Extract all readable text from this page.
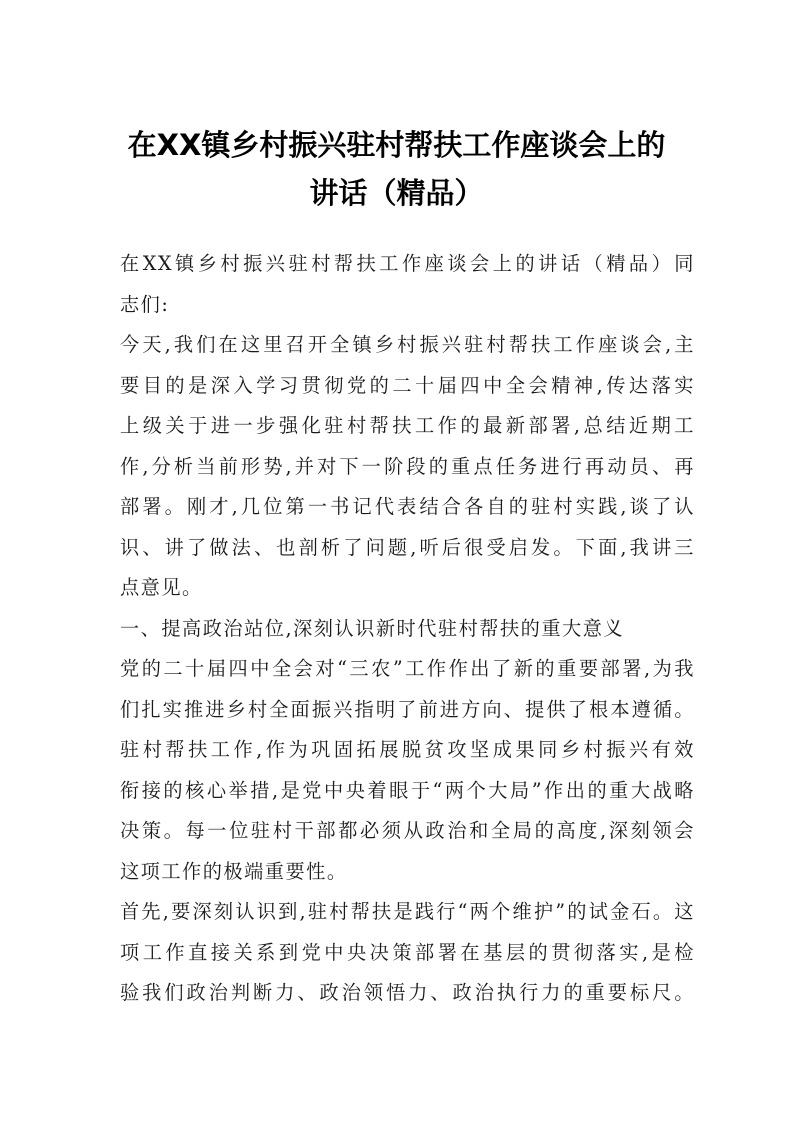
在XX镇乡村振兴驻村帮扶工作座谈会上的
讲话（精品）
在XX镇乡村振兴驻村帮扶工作座谈会上的讲话（精品）同
志们:
今天,我们在这里召开全镇乡村振兴驻村帮扶工作座谈会,主
要目的是深入学习贯彻党的二十届四中全会精神,传达落实
上级关于进一步强化驻村帮扶工作的最新部署,总结近期工
作,分析当前形势,并对下一阶段的重点任务进行再动员、再
部署。刚才,几位第一书记代表结合各自的驻村实践,谈了认
识、讲了做法、也剖析了问题,听后很受启发。下面,我讲三
点意见。
一、提高政治站位,深刻认识新时代驻村帮扶的重大意义
党的二十届四中全会对“三农”工作作出了新的重要部署,为我
们扎实推进乡村全面振兴指明了前进方向、提供了根本遵循。
驻村帮扶工作,作为巩固拓展脱贫攻坚成果同乡村振兴有效
衔接的核心举措,是党中央着眼于“两个大局”作出的重大战略
决策。每一位驻村干部都必须从政治和全局的高度,深刻领会
这项工作的极端重要性。
首先,要深刻认识到,驻村帮扶是践行“两个维护”的试金石。这
项工作直接关系到党中央决策部署在基层的贯彻落实,是检
验我们政治判断力、政治领悟力、政治执行力的重要标尺。
